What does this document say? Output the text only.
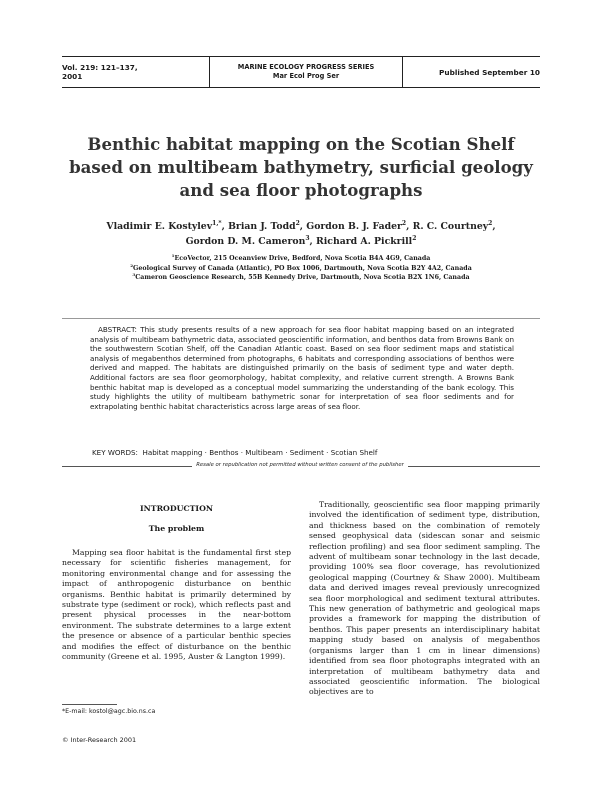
Vol. 219: 121–137, 2001
MARINE ECOLOGY PROGRESS SERIES
Mar Ecol Prog Ser	Published September 10
Benthic habitat mapping on the Scotian Shelf
based on multibeam bathymetry, surficial geology
and sea floor photographs
Vladimir E. Kostylev$^{1,*}$, Brian J. Todd$^2$, Gordon B. J. Fader$^2$, R. C. Courtney$^2$,
Gordon D. M. Cameron$^3$, Richard A. Pickrill$^2$
$^1$EcoVector, 215 Oceanview Drive, Bedford, Nova Scotia B4A 4G9, Canada
$^2$Geological Survey of Canada (Atlantic), PO Box 1006, Dartmouth, Nova Scotia B2Y 4A2, Canada
$^3$Cameron Geoscience Research, 55B Kennedy Drive, Dartmouth, Nova Scotia B2X 1N6, Canada
ABSTRACT: This study presents results of a new approach for sea floor habitat mapping based on an integrated analysis of multibeam bathymetric data, associated geoscientific information, and benthos data from Browns Bank on the southwestern Scotian Shelf, off the Canadian Atlantic coast. Based on sea floor sediment maps and statistical analysis of megabenthos determined from photographs, 6 habitats and corresponding associations of benthos were derived and mapped. The habitats are distinguished primarily on the basis of sediment type and water depth. Additional factors are sea floor geomorphology, habitat complexity, and relative current strength. A Browns Bank benthic habitat map is developed as a conceptual model summarizing the understanding of the bank ecology. This study highlights the utility of multibeam bathymetric sonar for interpretation of sea floor sediments and for extrapolating benthic habitat characteristics across large areas of sea floor.
KEY WORDS: Habitat mapping · Benthos · Multibeam · Sediment · Scotian Shelf
Resale or republication not permitted without written consent of the publisher
INTRODUCTION
The problem

Mapping sea floor habitat is the fundamental first step necessary for scientific fisheries management, for monitoring environmental change and for assessing the impact of anthropogenic disturbance on benthic organisms. Benthic habitat is primarily determined by substrate type (sediment or rock), which reflects past and present physical processes in the near-bottom environment. The substrate determines to a large extent the presence or absence of a particular benthic species and modifies the effect of disturbance on the benthic community (Greene et al. 1995, Auster & Langton 1999).

Traditionally, geoscientific sea floor mapping primarily involved the identification of sediment type, distribution, and thickness based on the combination of remotely sensed geophysical data (sidescan sonar and seismic reflection profiling) and sea floor sediment sampling. The advent of multibeam sonar technology in the last decade, providing 100% sea floor coverage, has revolutionized geological mapping (Courtney & Shaw 2000). Multibeam data and derived images reveal previously unrecognized sea floor morphological and sediment textural attributes. This new generation of bathymetric and geological maps provides a framework for mapping the distribution of benthos. This paper presents an interdisciplinary habitat mapping study based on analysis of megabenthos (organisms larger than 1 cm in linear dimensions) identified from sea floor photographs integrated with an interpretation of multibeam bathymetry data and associated geoscientific information. The biological objectives are to

*E-mail: kostol@agc.bio.ns.ca
© Inter-Research 2001
